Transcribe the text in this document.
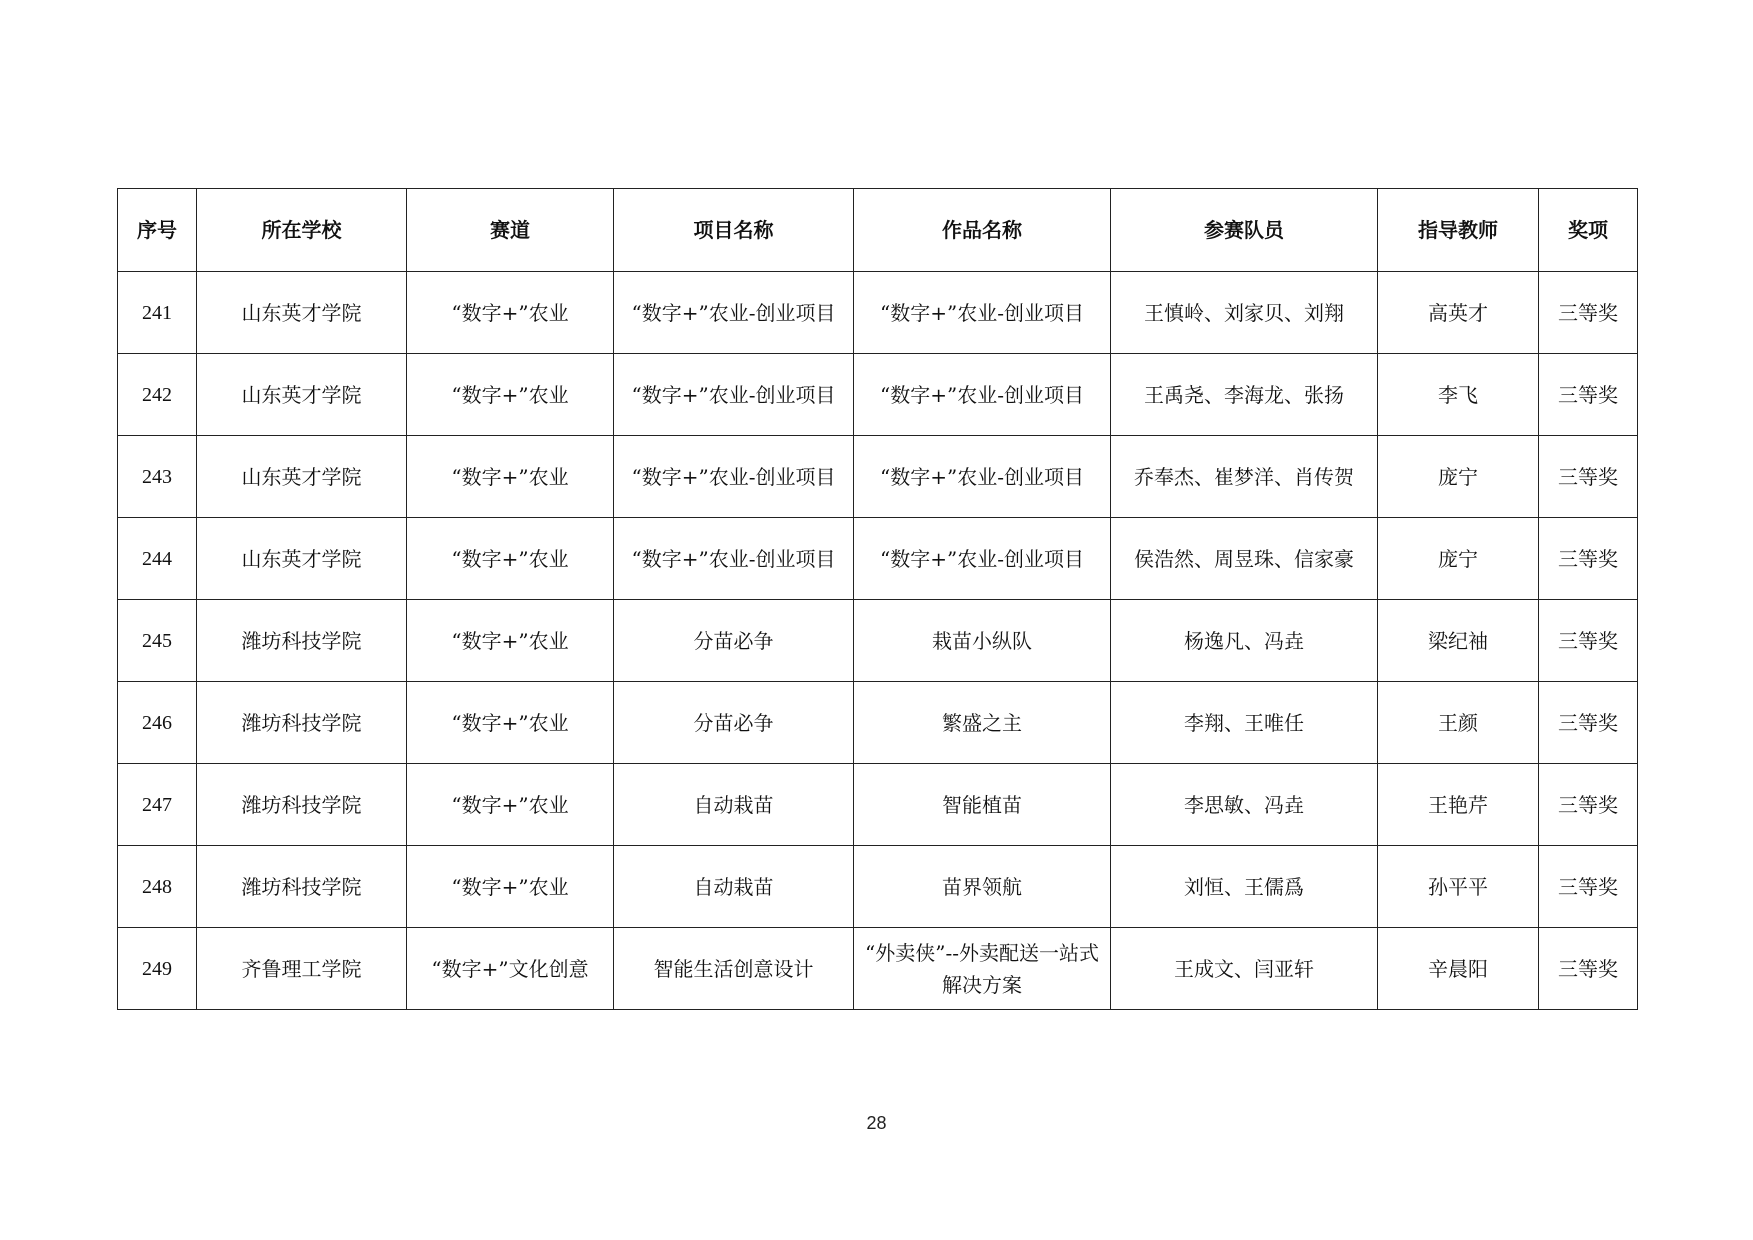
序号	所在学校	赛道	项目名称	作品名称	参赛队员	指导教师	奖项
241	山东英才学院	“数字+”农业	“数字+”农业-创业项目	“数字+”农业-创业项目	王慎岭、刘家贝、刘翔	高英才	三等奖
242	山东英才学院	“数字+”农业	“数字+”农业-创业项目	“数字+”农业-创业项目	王禹尧、李海龙、张扬	李飞	三等奖
243	山东英才学院	“数字+”农业	“数字+”农业-创业项目	“数字+”农业-创业项目	乔奉杰、崔梦洋、肖传贺	庞宁	三等奖
244	山东英才学院	“数字+”农业	“数字+”农业-创业项目	“数字+”农业-创业项目	侯浩然、周昱珠、信家豪	庞宁	三等奖
245	潍坊科技学院	“数字+”农业	分苗必争	栽苗小纵队	杨逸凡、冯垚	梁纪袖	三等奖
246	潍坊科技学院	“数字+”农业	分苗必争	繁盛之主	李翔、王唯任	王颜	三等奖
247	潍坊科技学院	“数字+”农业	自动栽苗	智能植苗	李思敏、冯垚	王艳芹	三等奖
248	潍坊科技学院	“数字+”农业	自动栽苗	苗界领航	刘恒、王儒爲	孙平平	三等奖
249	齐鲁理工学院	“数字+”文化创意	智能生活创意设计	“外卖侠”--外卖配送一站式解决方案	王成文、闫亚轩	辛晨阳	三等奖
28
